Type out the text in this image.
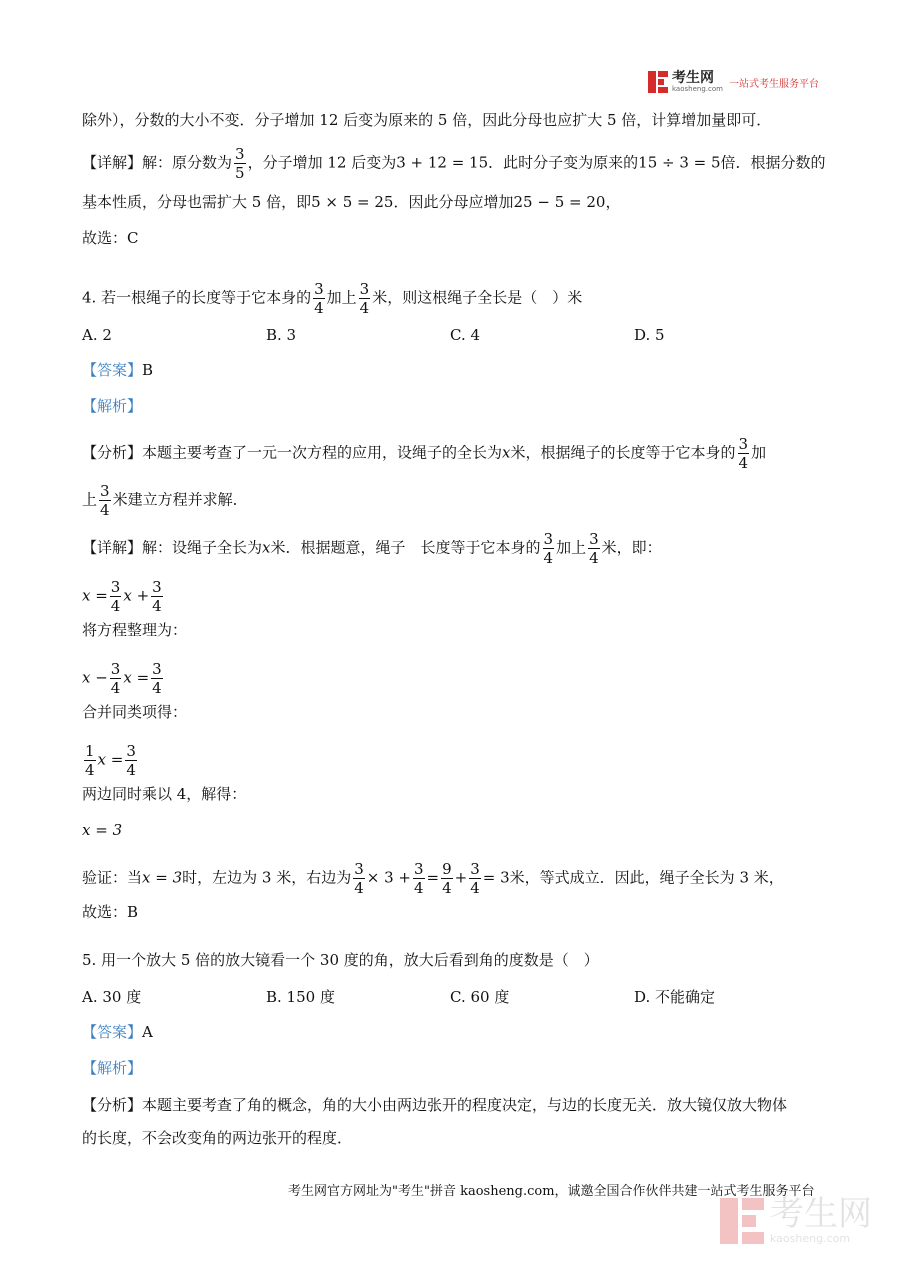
考生网
kaosheng.com 一站式考生服务平台
除外），分数的大小不变．分子增加 12 后变为原来的 5 倍，因此分母也应扩大 5 倍，计算增加量即可．
【详解】解：原分数为 $\frac{3}{5}$ ，分子增加 12 后变为3 + 12 = 15．此时分子变为原来的15 ÷ 3 = 5倍．根据分数的
基本性质，分母也需扩大 5 倍，即5 × 5 = 25．因此分母应增加25 − 5 = 20，
故选：C
4. 若一根绳子的长度等于它本身的 $\frac{3}{4}$ 加上 $\frac{3}{4}$ 米，则这根绳子全长是（　）米
A. 2	B. 3	C. 4	D. 5
【答案】B
【解析】
【分析】本题主要考查了一元一次方程的应用，设绳子的全长为x米，根据绳子的长度等于它本身的 $\frac{3}{4}$ 加
上 $\frac{3}{4}$ 米建立方程并求解．
【详解】解：设绳子全长为x米．根据题意，绳子　长度等于它本身的 $\frac{3}{4}$ 加上 $\frac{3}{4}$ 米，即：
$x = \frac{3}{4}$ $x + \frac{3}{4}$
将方程整理为：
$x - \frac{3}{4}$ $x = \frac{3}{4}$
合并同类项得：
$\frac{1}{4}$ $x = \frac{3}{4}$
两边同时乘以 4，解得：
x = 3
验证：当x = 3时，左边为 3 米，右边为 $\frac{3}{4} \times 3 + \frac{3}{4} = \frac{9}{4} + \frac{3}{4} = 3$米，等式成立．因此，绳子全长为 3 米，
故选：B
5. 用一个放大 5 倍的放大镜看一个 30 度的角，放大后看到角的度数是（　）
A. 30 度	B. 150 度	C. 60 度	D. 不能确定
【答案】A
【解析】
【分析】本题主要考查了角的概念，角的大小由两边张开的程度决定，与边的长度无关．放大镜仅放大物体
的长度，不会改变角的两边张开的程度．
考生网官方网址为"考生"拼音 kaosheng.com，诚邀全国合作伙伴共建一站式考生服务平台
考生网
kaosheng.com
